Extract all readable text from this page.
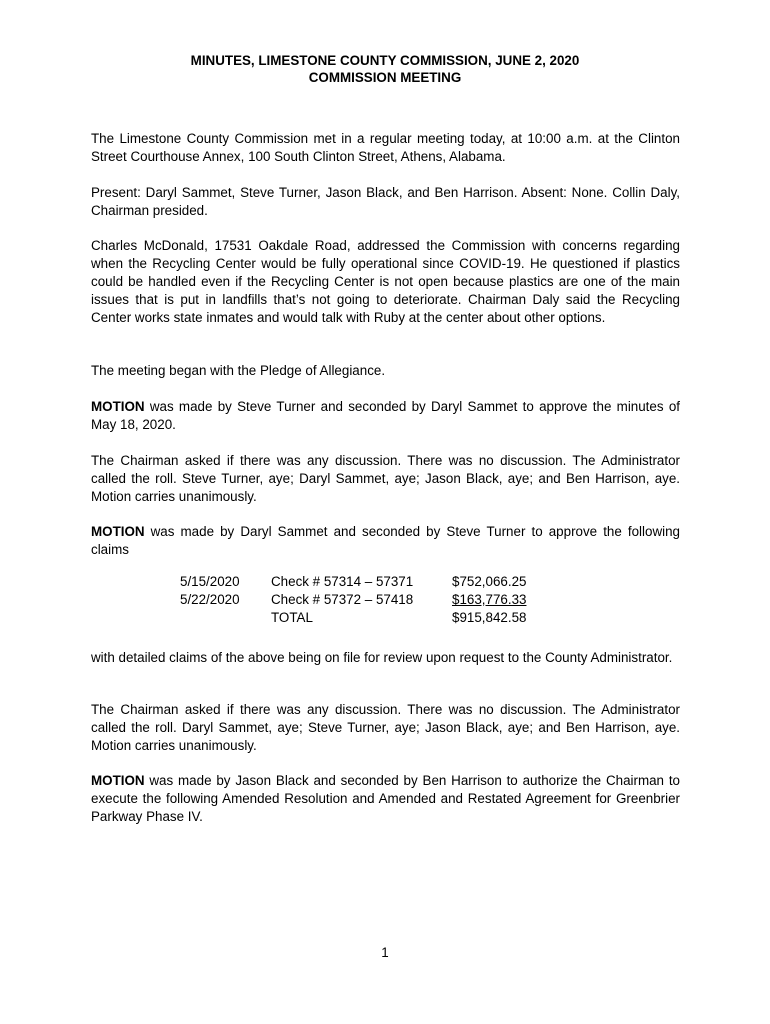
MINUTES, LIMESTONE COUNTY COMMISSION, JUNE 2, 2020
COMMISSION MEETING
The Limestone County Commission met in a regular meeting today, at 10:00 a.m. at the Clinton Street Courthouse Annex, 100 South Clinton Street, Athens, Alabama.
Present: Daryl Sammet, Steve Turner, Jason Black, and Ben Harrison. Absent: None. Collin Daly, Chairman presided.
Charles McDonald, 17531 Oakdale Road, addressed the Commission with concerns regarding when the Recycling Center would be fully operational since COVID-19. He questioned if plastics could be handled even if the Recycling Center is not open because plastics are one of the main issues that is put in landfills that’s not going to deteriorate. Chairman Daly said the Recycling Center works state inmates and would talk with Ruby at the center about other options.
The meeting began with the Pledge of Allegiance.
MOTION was made by Steve Turner and seconded by Daryl Sammet to approve the minutes of May 18, 2020.
The Chairman asked if there was any discussion. There was no discussion. The Administrator called the roll. Steve Turner, aye; Daryl Sammet, aye; Jason Black, aye; and Ben Harrison, aye. Motion carries unanimously.
MOTION was made by Daryl Sammet and seconded by Steve Turner to approve the following claims
5/15/2020 Check # 57314 – 57371	$752,066.25
5/22/2020 Check # 57372 – 57418	$163,776.33
TOTAL	$915,842.58
with detailed claims of the above being on file for review upon request to the County Administrator.
The Chairman asked if there was any discussion. There was no discussion. The Administrator called the roll. Daryl Sammet, aye; Steve Turner, aye; Jason Black, aye; and Ben Harrison, aye. Motion carries unanimously.
MOTION was made by Jason Black and seconded by Ben Harrison to authorize the Chairman to execute the following Amended Resolution and Amended and Restated Agreement for Greenbrier Parkway Phase IV.
1
